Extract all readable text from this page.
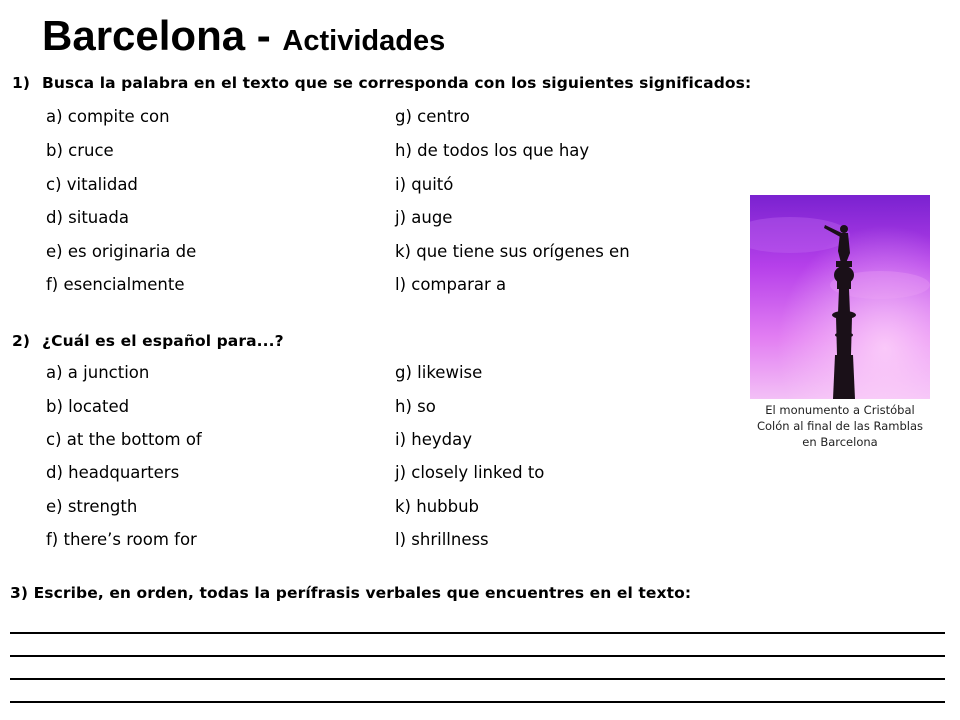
Barcelona - Actividades
1) Busca la palabra en el texto que se corresponda con los siguientes significados:
a) compite con
b) cruce
c) vitalidad
d) situada
e) es originaria de
f) esencialmente
g) centro
h) de todos los que hay
i) quitó
j) auge
k) que tiene sus orígenes en
l) comparar a
2) ¿Cuál es el español para...?
a) a junction
b) located
c) at the bottom of
d) headquarters
e) strength
f) there’s room for
g) likewise
h) so
i) heyday
j) closely linked to
k) hubbub
l) shrillness
3) Escribe, en orden, todas la perífrasis verbales que encuentres en el texto:
El monumento a Cristóbal Colón al final de las Ramblas en Barcelona
